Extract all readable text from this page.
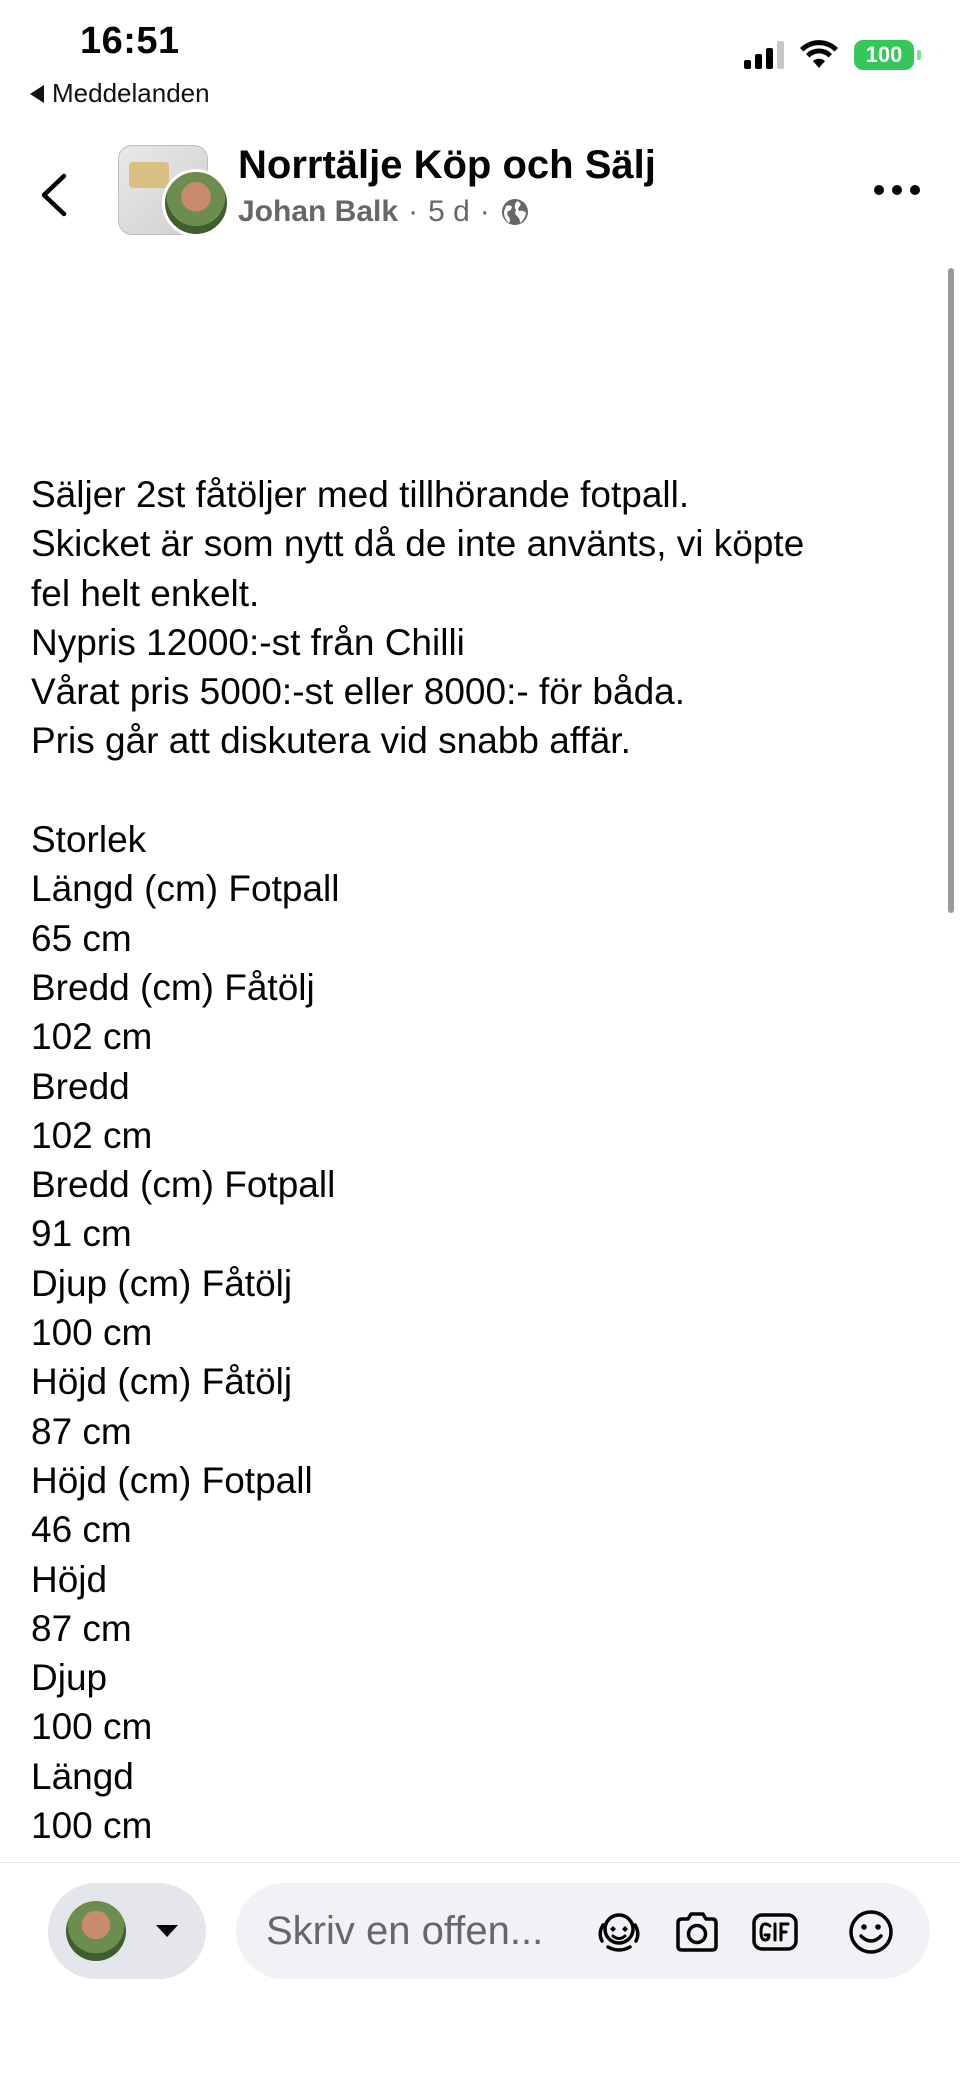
16:51
Meddelanden
100
Norrtälje Köp och Sälj
Johan Balk · 5 d ·
Säljer 2st fåtöljer med tillhörande fotpall.
Skicket är som nytt då de inte använts, vi köpte
fel helt enkelt.
Nypris 12000:-st från Chilli
Vårat pris 5000:-st eller 8000:- för båda.
Pris går att diskutera vid snabb affär.
Storlek
Längd (cm) Fotpall
65 cm
Bredd (cm) Fåtölj
102 cm
Bredd
102 cm
Bredd (cm) Fotpall
91 cm
Djup (cm) Fåtölj
100 cm
Höjd (cm) Fåtölj
87 cm
Höjd (cm) Fotpall
46 cm
Höjd
87 cm
Djup
100 cm
Längd
100 cm
Skriv en offen...
